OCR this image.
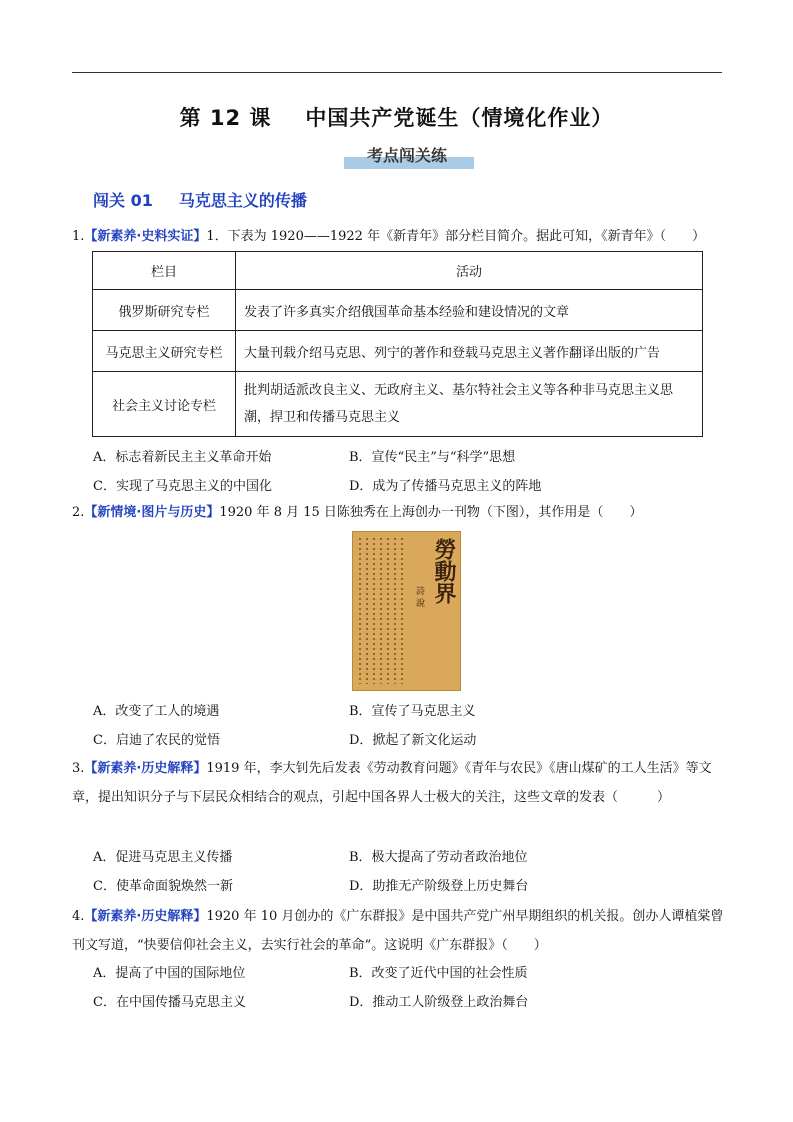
第 12 课 中国共产党诞生（情境化作业）
考点闯关练
闯关 01 马克思主义的传播
1.【新素养·史料实证】1．下表为 1920——1922 年《新青年》部分栏目简介。据此可知，《新青年》（　　）
栏目	活动
俄罗斯研究专栏	发表了许多真实介绍俄国革命基本经验和建设情况的文章
马克思主义研究专栏	大量刊载介绍马克思、列宁的著作和登载马克思主义著作翻译出版的广告
社会主义讨论专栏	批判胡适派改良主义、无政府主义、基尔特社会主义等各种非马克思主义思潮，捍卫和传播马克思主义
A．标志着新民主主义革命开始	B．宣传“民主”与“科学”思想
C．实现了马克思主义的中国化	D．成为了传播马克思主义的阵地
2.【新情境·图片与历史】1920 年 8 月 15 日陈独秀在上海创办一刊物（下图），其作用是（　　）
詩 說 勞動界
A．改变了工人的境遇	B．宣传了马克思主义
C．启迪了农民的觉悟	D．掀起了新文化运动
3.【新素养·历史解释】1919 年，李大钊先后发表《劳动教育问题》《青年与农民》《唐山煤矿的工人生活》等文章，提出知识分子与下层民众相结合的观点，引起中国各界人士极大的关注，这些文章的发表（　　　）
A．促进马克思主义传播	B．极大提高了劳动者政治地位
C．使革命面貌焕然一新	D．助推无产阶级登上历史舞台
4.【新素养·历史解释】1920 年 10 月创办的《广东群报》是中国共产党广州早期组织的机关报。创办人谭植棠曾刊文写道，“快要信仰社会主义，去实行社会的革命”。这说明《广东群报》（　　）
A．提高了中国的国际地位	B．改变了近代中国的社会性质
C．在中国传播马克思主义	D．推动工人阶级登上政治舞台
